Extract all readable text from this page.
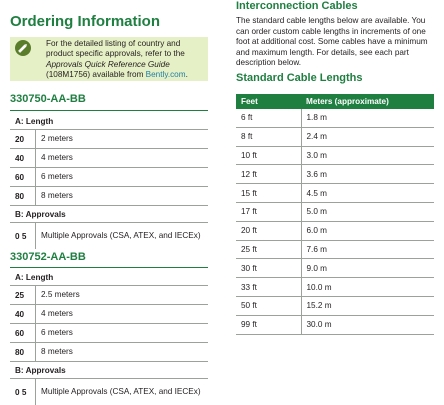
Ordering Information
For the detailed listing of country and product specific approvals, refer to the Approvals Quick Reference Guide (108M1756) available from Bently.com.
330750-AA-BB
A: Length	
20	2 meters
40	4 meters
60	6 meters
80	8 meters
B: Approvals	
0 5	Multiple Approvals (CSA, ATEX, and IECEx)
330752-AA-BB
A: Length	
25	2.5 meters
40	4 meters
60	6 meters
80	8 meters
B: Approvals	
0 5	Multiple Approvals (CSA, ATEX, and IECEx)
Interconnection Cables
The standard cable lengths below are available. You can order custom cable lengths in increments of one foot at additional cost. Some cables have a minimum and maximum length. For details, see each part description below.
Standard Cable Lengths
Feet	Meters (approximate)
6 ft	1.8 m
8 ft	2.4 m
10 ft	3.0 m
12 ft	3.6 m
15 ft	4.5 m
17 ft	5.0 m
20 ft	6.0 m
25 ft	7.6 m
30 ft	9.0 m
33 ft	10.0 m
50 ft	15.2 m
99 ft	30.0 m
